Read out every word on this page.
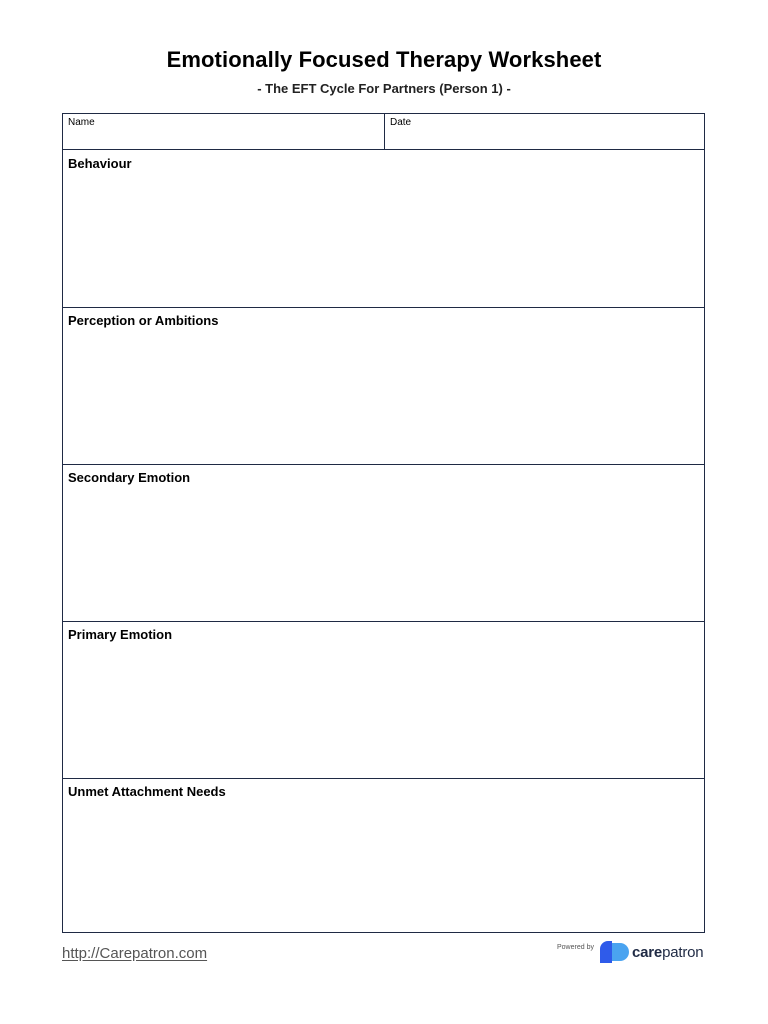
Emotionally Focused Therapy Worksheet
- The EFT Cycle For Partners (Person 1) -
Name	Date
Behaviour
Perception or Ambitions
Secondary Emotion
Primary Emotion
Unmet Attachment Needs
http://Carepatron.com	Powered by	carepatron
